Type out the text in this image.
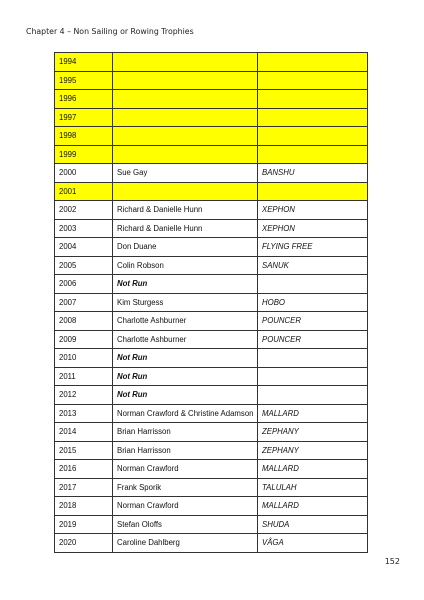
Chapter 4 – Non Sailing or Rowing Trophies
1994		
1995		
1996		
1997		
1998		
1999		
2000	Sue Gay	BANSHU
2001		
2002	Richard & Danielle Hunn	XEPHON
2003	Richard & Danielle Hunn	XEPHON
2004	Don Duane	FLYING FREE
2005	Colin Robson	SANUK
2006	Not Run	
2007	Kim Sturgess	HOBO
2008	Charlotte Ashburner	POUNCER
2009	Charlotte Ashburner	POUNCER
2010	Not Run	
2011	Not Run	
2012	Not Run	
2013	Norman Crawford & Christine Adamson	MALLARD
2014	Brian Harrisson	ZEPHANY
2015	Brian Harrisson	ZEPHANY
2016	Norman Crawford	MALLARD
2017	Frank Sporik	TALULAH
2018	Norman Crawford	MALLARD
2019	Stefan Oloffs	SHUDA
2020	Caroline Dahlberg	VÅGA
152
